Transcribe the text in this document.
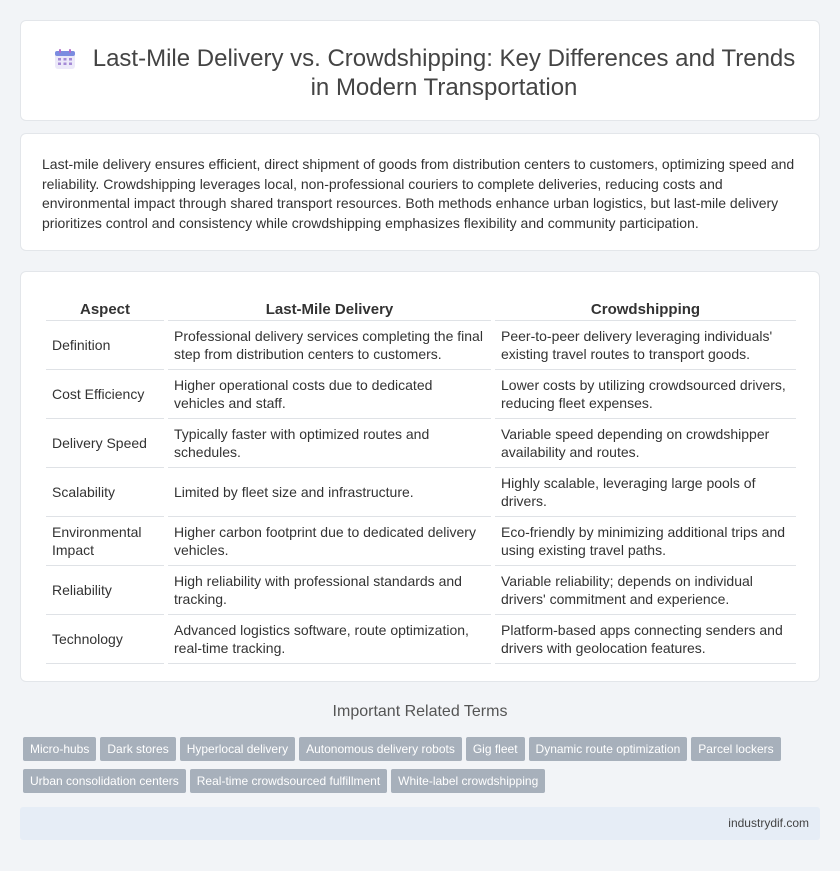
Last-Mile Delivery vs. Crowdshipping: Key Differences and Trends in Modern Transportation

Last-mile delivery ensures efficient, direct shipment of goods from distribution centers to customers, optimizing speed and reliability. Crowdshipping leverages local, non-professional couriers to complete deliveries, reducing costs and environmental impact through shared transport resources. Both methods enhance urban logistics, but last-mile delivery prioritizes control and consistency while crowdshipping emphasizes flexibility and community participation.

Aspect	Last-Mile Delivery	Crowdshipping
Definition	Professional delivery services completing the final step from distribution centers to customers.	Peer-to-peer delivery leveraging individuals' existing travel routes to transport goods.
Cost Efficiency	Higher operational costs due to dedicated vehicles and staff.	Lower costs by utilizing crowdsourced drivers, reducing fleet expenses.
Delivery Speed	Typically faster with optimized routes and schedules.	Variable speed depending on crowdshipper availability and routes.
Scalability	Limited by fleet size and infrastructure.	Highly scalable, leveraging large pools of drivers.
Environmental Impact	Higher carbon footprint due to dedicated delivery vehicles.	Eco-friendly by minimizing additional trips and using existing travel paths.
Reliability	High reliability with professional standards and tracking.	Variable reliability; depends on individual drivers' commitment and experience.
Technology	Advanced logistics software, route optimization, real-time tracking.	Platform-based apps connecting senders and drivers with geolocation features.
Important Related Terms
Micro-hubs Dark stores Hyperlocal delivery Autonomous delivery robots Gig fleet Dynamic route optimization Parcel lockers
Urban consolidation centers Real-time crowdsourced fulfillment White-label crowdshipping
industrydif.com
